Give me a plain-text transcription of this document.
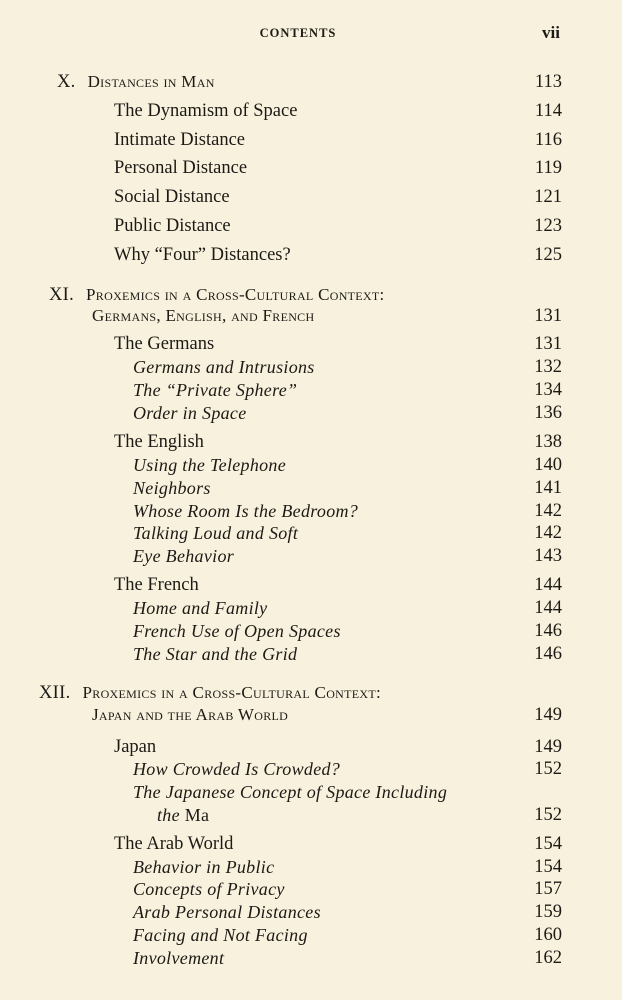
CONTENTS	vii
X. Distances in Man	113
The Dynamism of Space	114
Intimate Distance	116
Personal Distance	119
Social Distance	121
Public Distance	123
Why “Four” Distances?	125
XI. Proxemics in a Cross-Cultural Context:
Germans, English, and French	131
The Germans	131
Germans and Intrusions	132
The “Private Sphere”	134
Order in Space	136
The English	138
Using the Telephone	140
Neighbors	141
Whose Room Is the Bedroom?	142
Talking Loud and Soft	142
Eye Behavior	143
The French	144
Home and Family	144
French Use of Open Spaces	146
The Star and the Grid	146
XII. Proxemics in a Cross-Cultural Context:
Japan and the Arab World	149
Japan	149
How Crowded Is Crowded?	152
The Japanese Concept of Space Including
the Ma	152
The Arab World	154
Behavior in Public	154
Concepts of Privacy	157
Arab Personal Distances	159
Facing and Not Facing	160
Involvement	162
